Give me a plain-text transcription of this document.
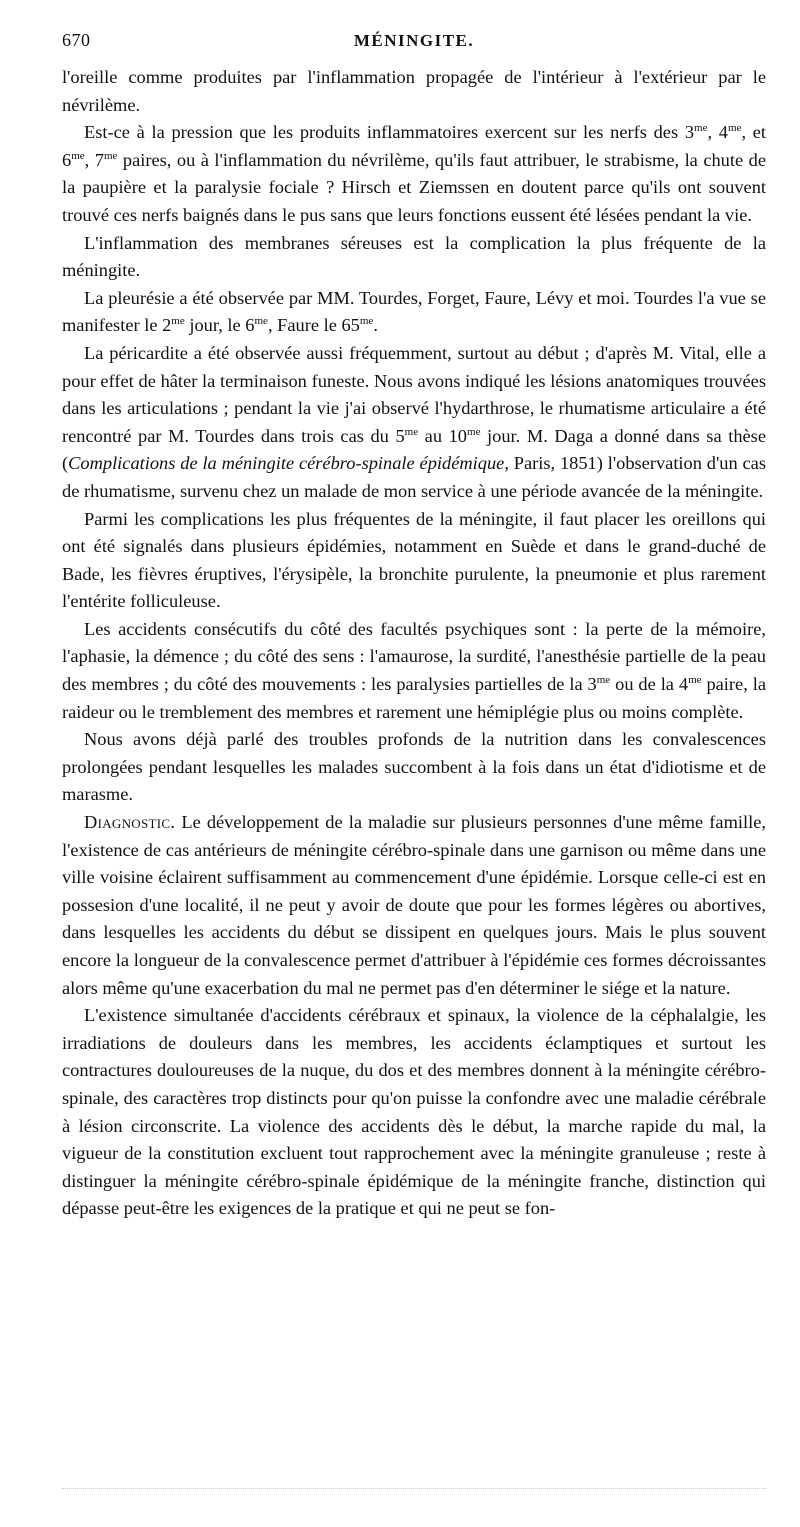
670	MÉNINGITE.

l'oreille comme produites par l'inflammation propagée de l'intérieur à l'extérieur par le névrilème.

Est-ce à la pression que les produits inflammatoires exercent sur les nerfs des $3^{me}$, $4^{me}$, et $6^{me}$, $7^{me}$ paires, ou à l'inflammation du névrilème, qu'ils faut attribuer, le strabisme, la chute de la paupière et la paralysie fociale ? Hirsch et Ziemssen en doutent parce qu'ils ont souvent trouvé ces nerfs baignés dans le pus sans que leurs fonctions eussent été lésées pendant la vie.

L'inflammation des membranes séreuses est la complication la plus fréquente de la méningite.

La pleurésie a été observée par MM. Tourdes, Forget, Faure, Lévy et moi. Tourdes l'a vue se manifester le $2^{me}$ jour, le $6^{me}$, Faure le $65^{me}$.

La péricardite a été observée aussi fréquemment, surtout au début ; d'après M. Vital, elle a pour effet de hâter la terminaison funeste. Nous avons indiqué les lésions anatomiques trouvées dans les articulations ; pendant la vie j'ai observé l'hydarthrose, le rhumatisme articulaire a été rencontré par M. Tourdes dans trois cas du $5^{me}$ au $10^{me}$ jour. M. Daga a donné dans sa thèse (Complications de la méningite cérébro-spinale épidémique, Paris, 1851) l'observation d'un cas de rhumatisme, survenu chez un malade de mon service à une période avancée de la méningite.

Parmi les complications les plus fréquentes de la méningite, il faut placer les oreillons qui ont été signalés dans plusieurs épidémies, notamment en Suède et dans le grand-duché de Bade, les fièvres éruptives, l'érysipèle, la bronchite purulente, la pneumonie et plus rarement l'entérite folliculeuse.

Les accidents consécutifs du côté des facultés psychiques sont : la perte de la mémoire, l'aphasie, la démence ; du côté des sens : l'amaurose, la surdité, l'anesthésie partielle de la peau des membres ; du côté des mouvements : les paralysies partielles de la $3^{me}$ ou de la $4^{me}$ paire, la raideur ou le tremblement des membres et rarement une hémiplégie plus ou moins complète.

Nous avons déjà parlé des troubles profonds de la nutrition dans les convalescences prolongées pendant lesquelles les malades succombent à la fois dans un état d'idiotisme et de marasme.

Diagnostic. Le développement de la maladie sur plusieurs personnes d'une même famille, l'existence de cas antérieurs de méningite cérébro-spinale dans une garnison ou même dans une ville voisine éclairent suffisamment au commencement d'une épidémie. Lorsque celle-ci est en possesion d'une localité, il ne peut y avoir de doute que pour les formes légères ou abortives, dans lesquelles les accidents du début se dissipent en quelques jours. Mais le plus souvent encore la longueur de la convalescence permet d'attribuer à l'épidémie ces formes décroissantes alors même qu'une exacerbation du mal ne permet pas d'en déterminer le siége et la nature.

L'existence simultanée d'accidents cérébraux et spinaux, la violence de la céphalalgie, les irradiations de douleurs dans les membres, les accidents éclamptiques et surtout les contractures douloureuses de la nuque, du dos et des membres donnent à la méningite cérébro-spinale, des caractères trop distincts pour qu'on puisse la confondre avec une maladie cérébrale à lésion circonscrite. La violence des accidents dès le début, la marche rapide du mal, la vigueur de la constitution excluent tout rapprochement avec la méningite granuleuse ; reste à distinguer la méningite cérébro-spinale épidémique de la méningite franche, distinction qui dépasse peut-être les exigences de la pratique et qui ne peut se fon-
